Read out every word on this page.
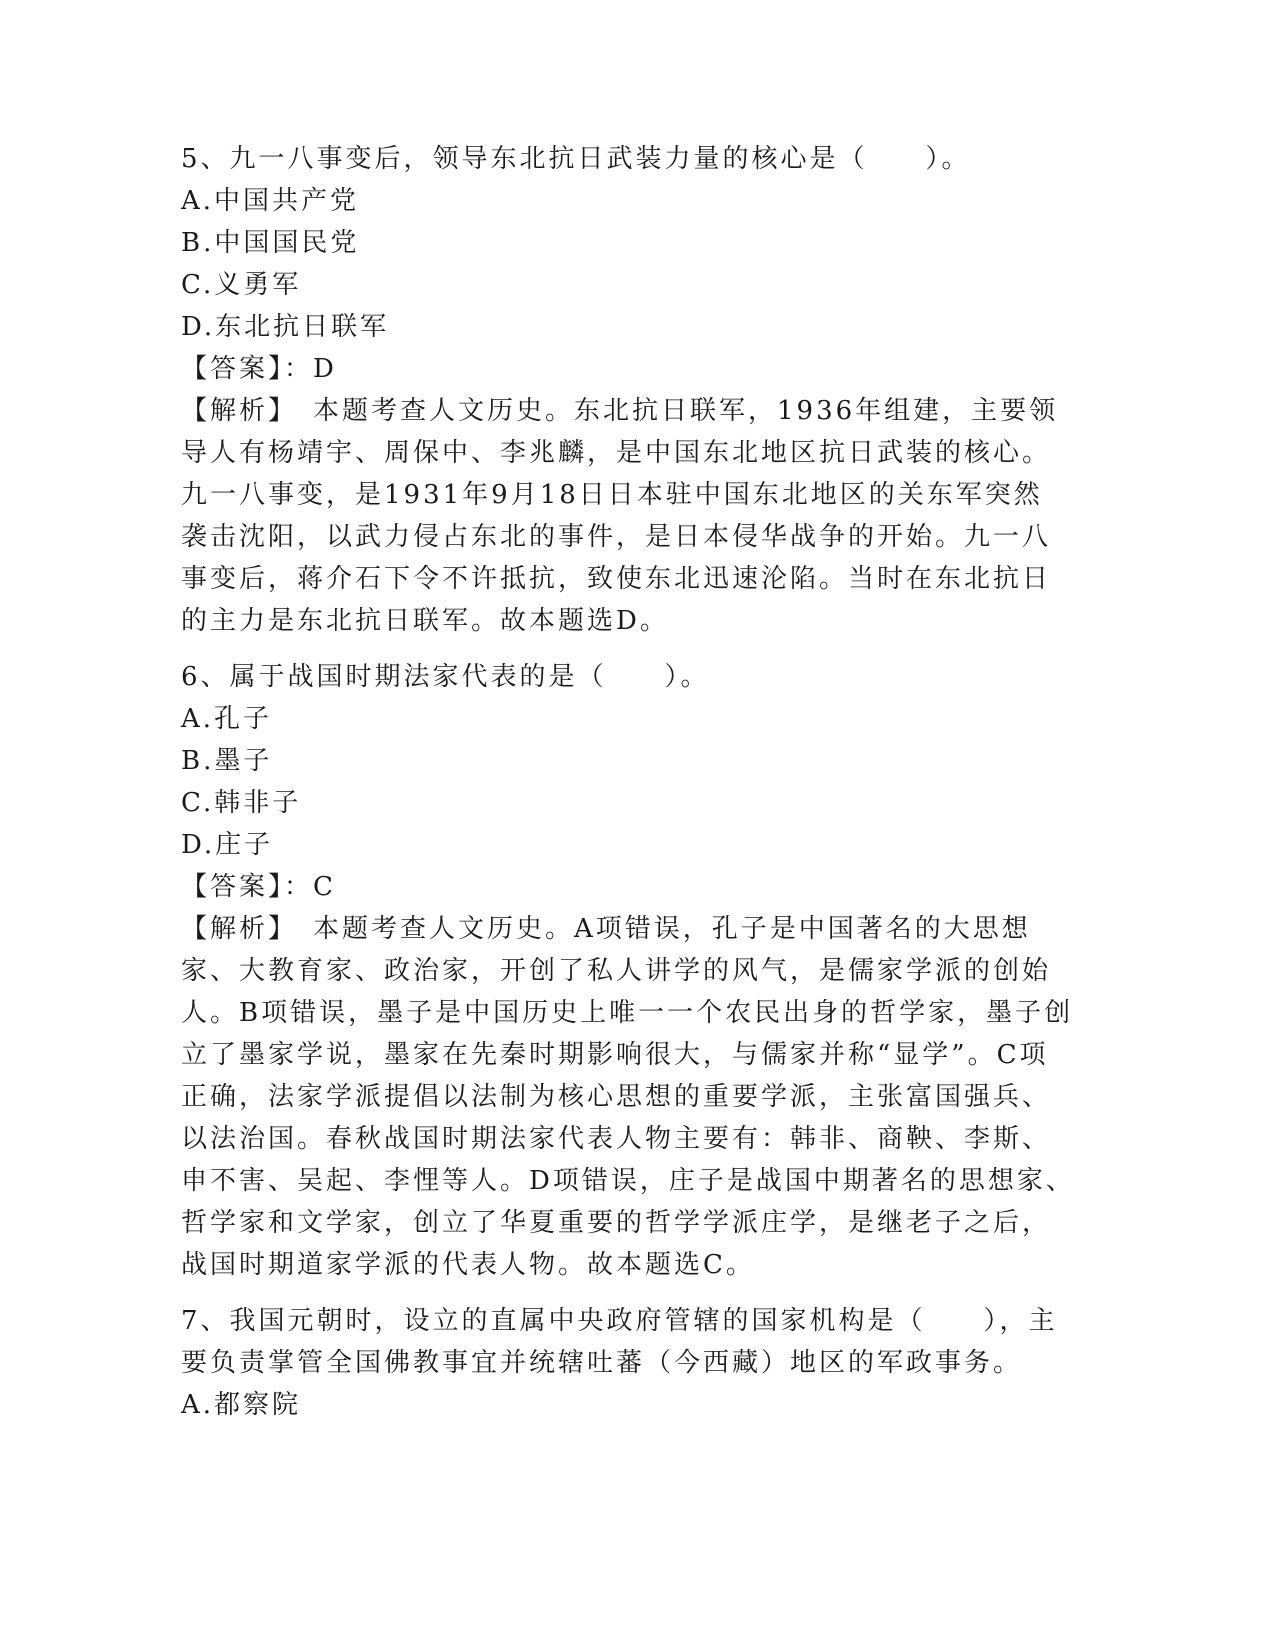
5、九一八事变后，领导东北抗日武装力量的核心是（　　）。

A.中国共产党

B.中国国民党

C.义勇军

D.东北抗日联军

【答案】：D

【解析】　本题考查人文历史。东北抗日联军，1936年组建，主要领

导人有杨靖宇、周保中、李兆麟，是中国东北地区抗日武装的核心。

九一八事变，是1931年9月18日日本驻中国东北地区的关东军突然

袭击沈阳，以武力侵占东北的事件，是日本侵华战争的开始。九一八

事变后，蒋介石下令不许抵抗，致使东北迅速沦陷。当时在东北抗日

的主力是东北抗日联军。故本题选D。

6、属于战国时期法家代表的是（　　）。

A.孔子

B.墨子

C.韩非子

D.庄子

【答案】：C

【解析】　本题考查人文历史。A项错误，孔子是中国著名的大思想

家、大教育家、政治家，开创了私人讲学的风气，是儒家学派的创始

人。B项错误，墨子是中国历史上唯一一个农民出身的哲学家，墨子创

立了墨家学说，墨家在先秦时期影响很大，与儒家并称“显学”。C项

正确，法家学派提倡以法制为核心思想的重要学派，主张富国强兵、

以法治国。春秋战国时期法家代表人物主要有：韩非、商鞅、李斯、

申不害、吴起、李悝等人。D项错误，庄子是战国中期著名的思想家、

哲学家和文学家，创立了华夏重要的哲学学派庄学，是继老子之后，

战国时期道家学派的代表人物。故本题选C。

7、我国元朝时，设立的直属中央政府管辖的国家机构是（　　），主

要负责掌管全国佛教事宜并统辖吐蕃（今西藏）地区的军政事务。

A.都察院
